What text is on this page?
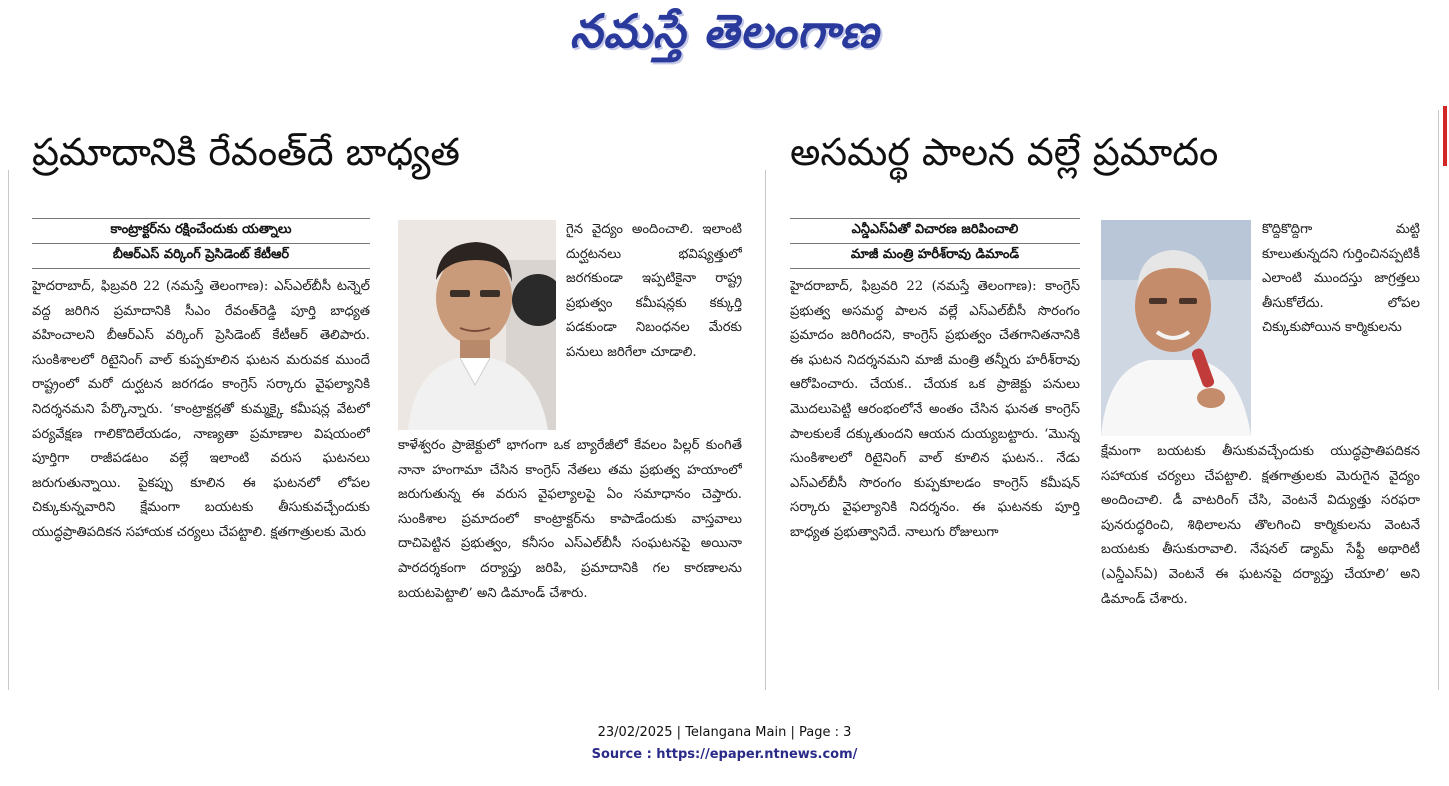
నమస్తే తెలంగాణ
ప్రమాదానికి రేవంత్‌దే బాధ్యత
కాంట్రాక్టర్‌ను రక్షించేందుకు యత్నాలు
బీఆర్‌ఎస్ వర్కింగ్ ప్రెసిడెంట్ కేటీఆర్

హైదరాబాద్, ఫిబ్రవరి 22 (నమస్తే తెలంగాణ): ఎస్‌ఎల్‌బీసీ టన్నెల్ వద్ద జరిగిన ప్రమాదానికి సీఎం రేవంత్‌రెడ్డి పూర్తి బాధ్యత వహించాలని బీఆర్‌ఎస్ వర్కింగ్ ప్రెసిడెంట్ కేటీఆర్ తెలిపారు. సుంకిశాలలో రిటైనింగ్ వాల్ కుప్పకూలిన ఘటన మరువక ముందే రాష్ట్రంలో మరో దుర్ఘటన జరగడం కాంగ్రెస్ సర్కారు వైఫల్యానికి నిదర్శనమని పేర్కొన్నారు. ‘కాంట్రాక్టర్లతో కుమ్మక్కై కమీషన్ల వేటలో పర్యవేక్షణ గాలికొదిలేయడం, నాణ్యతా ప్రమాణాల విషయంలో పూర్తిగా రాజీపడటం వల్లే ఇలాంటి వరుస ఘటనలు జరుగుతున్నాయి. పైకప్పు కూలిన ఈ ఘటనలో లోపల చిక్కుకున్నవారిని క్షేమంగా బయటకు తీసుకువచ్చేందుకు యుద్ధప్రాతిపదికన సహాయక చర్యలు చేపట్టాలి. క్షతగాత్రులకు మెరు

గైన వైద్యం అందించాలి. ఇలాంటి దుర్ఘటనలు భవిష్యత్తులో జరగకుండా ఇప్పటికైనా రాష్ట్ర ప్రభుత్వం కమీషన్లకు కక్కుర్తి పడకుండా నిబంధనల మేరకు పనులు జరిగేలా చూడాలి.

కాళేశ్వరం ప్రాజెక్టులో భాగంగా ఒక బ్యారేజీలో కేవలం పిల్లర్ కుంగితే నానా హంగామా చేసిన కాంగ్రెస్ నేతలు తమ ప్రభుత్వ హయాంలో జరుగుతున్న ఈ వరుస వైఫల్యాలపై ఏం సమాధానం చెప్తారు. సుంకిశాల ప్రమాదంలో కాంట్రాక్టర్‌ను కాపాడేందుకు వాస్తవాలు దాచిపెట్టిన ప్రభుత్వం, కనీసం ఎస్‌ఎల్‌బీసీ సంఘటనపై అయినా పారదర్శకంగా దర్యాప్తు జరిపి, ప్రమాదానికి గల కారణాలను బయటపెట్టాలి’ అని డిమాండ్ చేశారు.

అసమర్థ పాలన వల్లే ప్రమాదం
ఎన్డీఎస్‌ఏతో విచారణ జరిపించాలి
మాజీ మంత్రి హరీశ్‌రావు డిమాండ్

హైదరాబాద్, ఫిబ్రవరి 22 (నమస్తే తెలంగాణ): కాంగ్రెస్ ప్రభుత్వ అసమర్థ పాలన వల్లే ఎస్‌ఎల్‌బీసీ సొరంగం ప్రమాదం జరిగిందని, కాంగ్రెస్ ప్రభుత్వం చేతగానితనానికి ఈ ఘటన నిదర్శనమని మాజీ మంత్రి తన్నీరు హరీశ్‌రావు ఆరోపించారు. చేయక.. చేయక ఒక ప్రాజెక్టు పనులు మొదలుపెట్టి ఆరంభంలోనే అంతం చేసిన ఘనత కాంగ్రెస్ పాలకులకే దక్కుతుందని ఆయన దుయ్యబట్టారు. ‘మొన్న సుంకిశాలలో రిటైనింగ్ వాల్ కూలిన ఘటన.. నేడు ఎస్‌ఎల్‌బీసీ సొరంగం కుప్పకూలడం కాంగ్రెస్ కమీషన్ సర్కారు వైఫల్యానికి నిదర్శనం. ఈ ఘటనకు పూర్తి బాధ్యత ప్రభుత్వానిదే. నాలుగు రోజులుగా

కొద్దికొద్దిగా మట్టి కూలుతున్నదని గుర్తించినప్పటికీ ఎలాంటి ముందస్తు జాగ్రత్తలు తీసుకోలేదు. లోపల చిక్కుకుపోయిన కార్మికులను

క్షేమంగా బయటకు తీసుకువచ్చేందుకు యుద్ధప్రాతిపదికన సహాయక చర్యలు చేపట్టాలి. క్షతగాత్రులకు మెరుగైన వైద్యం అందించాలి. డీ వాటరింగ్ చేసి, వెంటనే విద్యుత్తు సరఫరా పునరుద్ధరించి, శిథిలాలను తొలగించి కార్మికులను వెంటనే బయటకు తీసుకురావాలి. నేషనల్ డ్యామ్ సేఫ్టీ అథారిటీ (ఎన్డీఎస్‌ఏ) వెంటనే ఈ ఘటనపై దర్యాప్తు చేయాలి’ అని డిమాండ్ చేశారు.

23/02/2025 | Telangana Main | Page : 3
Source : https://epaper.ntnews.com/
